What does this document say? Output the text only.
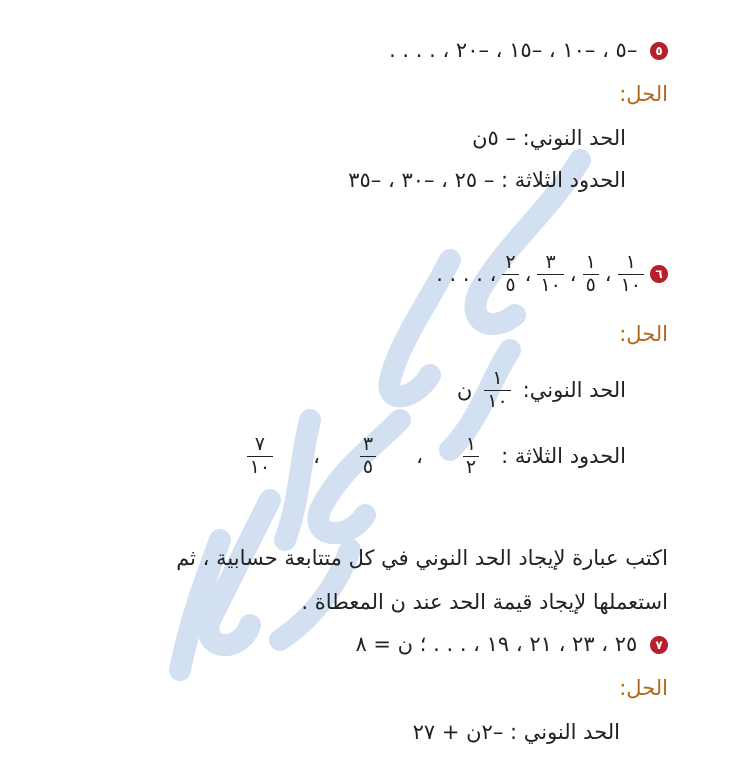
٥ –٥ ، –١٠ ، –١٥ ، –٢٠ ، . . . .
الحل:
الحد النوني: – ٥ن
الحدود الثلاثة : – ٢٥ ، –٣٠ ، –٣٥
٦
$\frac{١}{١٠}$
،
$\frac{١}{٥}$
،
$\frac{٣}{١٠}$
،
$\frac{٢}{٥}$
، . . . .
الحل:
الحد النوني:
$\frac{١}{١٠}$
ن
الحدود الثلاثة :
$\frac{١}{٢}$
،
$\frac{٣}{٥}$
،
$\frac{٧}{١٠}$
اكتب عبارة لإيجاد الحد النوني في كل متتابعة حسابية ، ثم
استعملها لإيجاد قيمة الحد عند ن المعطاة .
٧ ٢٥ ، ٢٣ ، ٢١ ، ١٩ ، . . . ؛ ن = ٨
الحل:
الحد النوني : –٢ن + ٢٧
